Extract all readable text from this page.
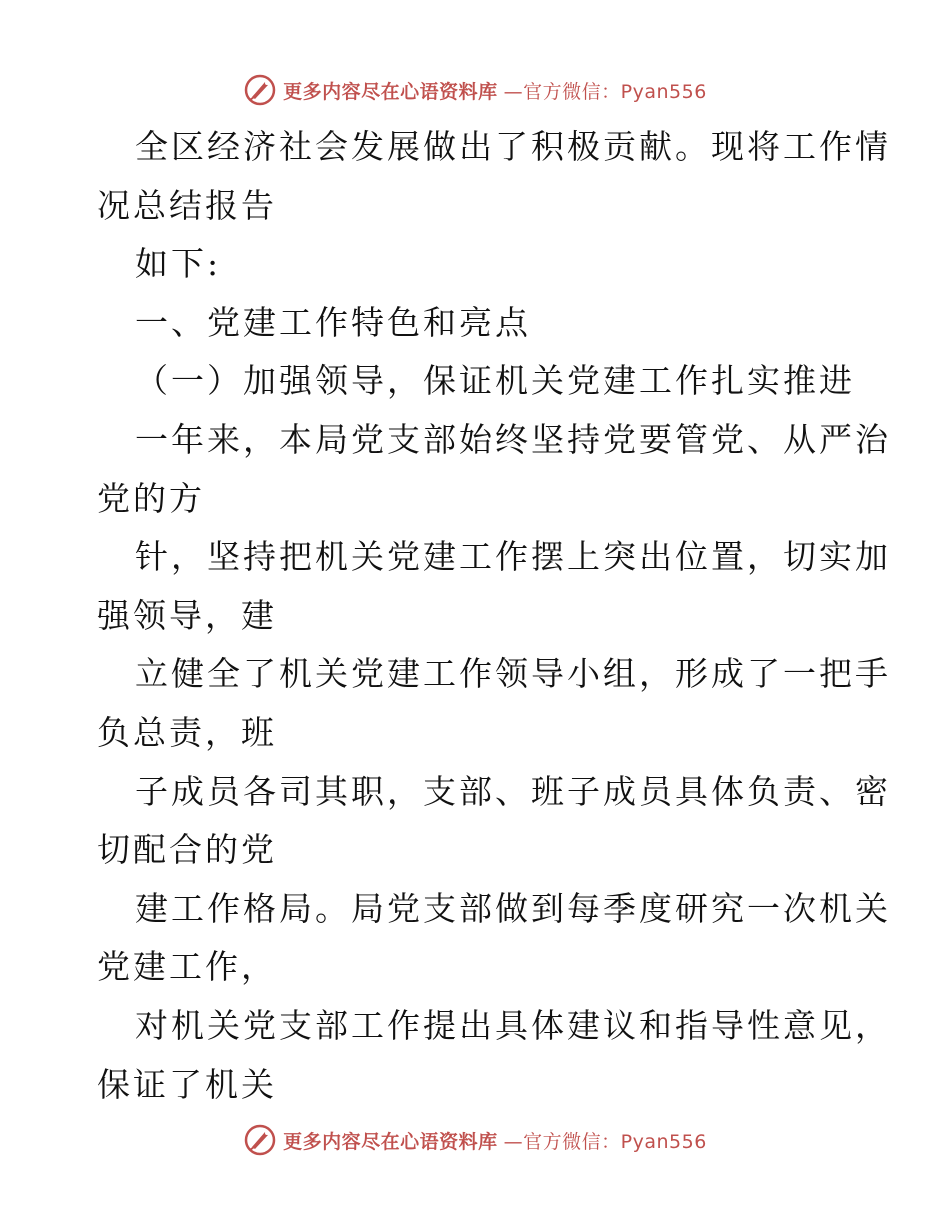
更多内容尽在心语资料库 —官方微信：Pyan556
全区经济社会发展做出了积极贡献。现将工作情
况总结报告
如下:
一、党建工作特色和亮点
（一）加强领导，保证机关党建工作扎实推进
一年来，本局党支部始终坚持党要管党、从严治
党的方
针，坚持把机关党建工作摆上突出位置，切实加
强领导，建
立健全了机关党建工作领导小组，形成了一把手
负总责，班
子成员各司其职，支部、班子成员具体负责、密
切配合的党
建工作格局。局党支部做到每季度研究一次机关
党建工作，
对机关党支部工作提出具体建议和指导性意见，
保证了机关
更多内容尽在心语资料库 —官方微信：Pyan556
